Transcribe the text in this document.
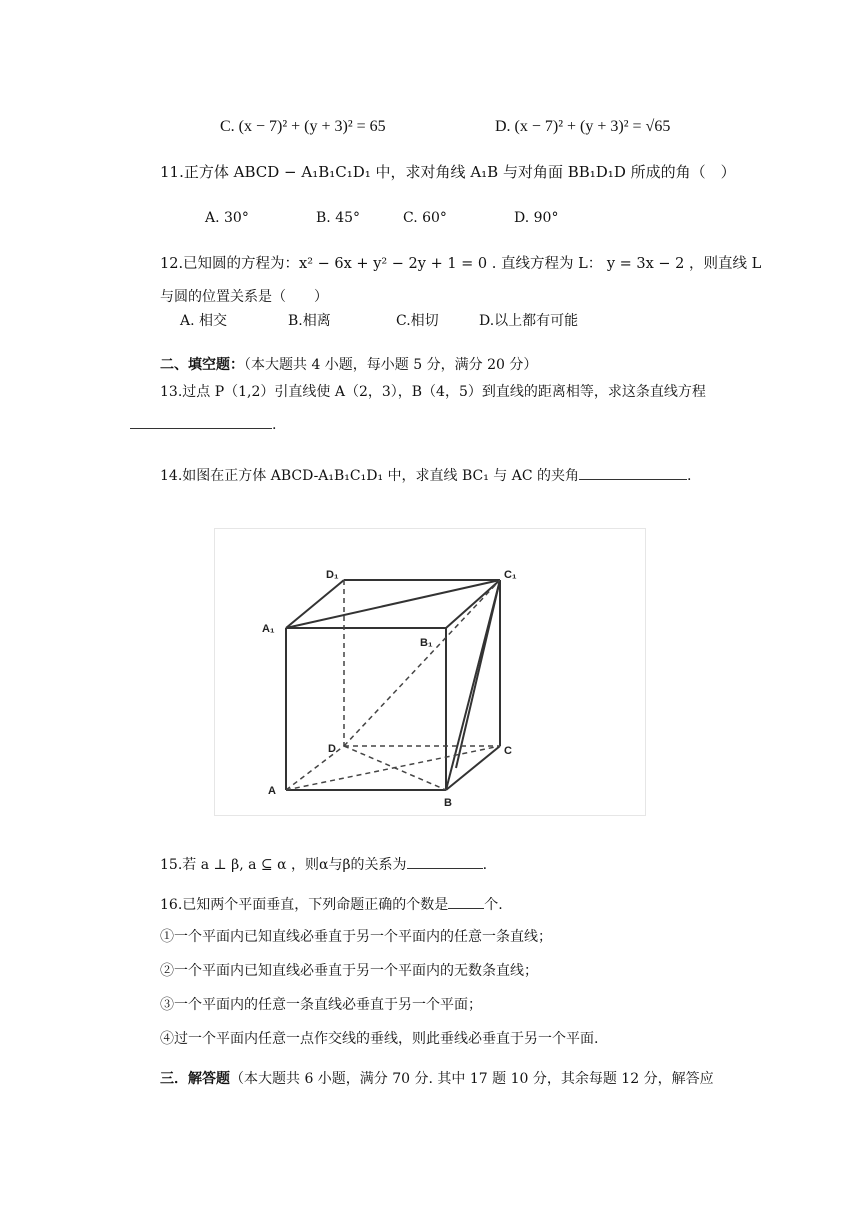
C. (x − 7)² + (y + 3)² = 65	D. (x − 7)² + (y + 3)² = √65
11.正方体 ABCD − A₁B₁C₁D₁ 中，求对角线 A₁B 与对角面 BB₁D₁D 所成的角（　）
A. 30°	B. 45°	C. 60°	D. 90°
12.已知圆的方程为：x² − 6x + y² − 2y + 1 = 0 . 直线方程为 L： y = 3x − 2 ，则直线 L
与圆的位置关系是（　　）
A. 相交	B.相离	C.相切	D.以上都有可能
二、填空题：（本大题共 4 小题，每小题 5 分，满分 20 分）
13.过点 P（1,2）引直线使 A（2，3），B（4，5）到直线的距离相等，求这条直线方程
.
14.如图在正方体 ABCD-A₁B₁C₁D₁ 中，求直线 BC₁ 与 AC 的夹角	.
D₁	C₁
A₁
B₁
D	C
A
B
15.若 a ⊥ β, a ⊆ α ，则α与β的关系为	.
16.已知两个平面垂直，下列命题正确的个数是	个.
①一个平面内已知直线必垂直于另一个平面内的任意一条直线；
②一个平面内已知直线必垂直于另一个平面内的无数条直线；
③一个平面内的任意一条直线必垂直于另一个平面；
④过一个平面内任意一点作交线的垂线，则此垂线必垂直于另一个平面.
三．解答题（本大题共 6 小题，满分 70 分. 其中 17 题 10 分，其余每题 12 分，解答应
